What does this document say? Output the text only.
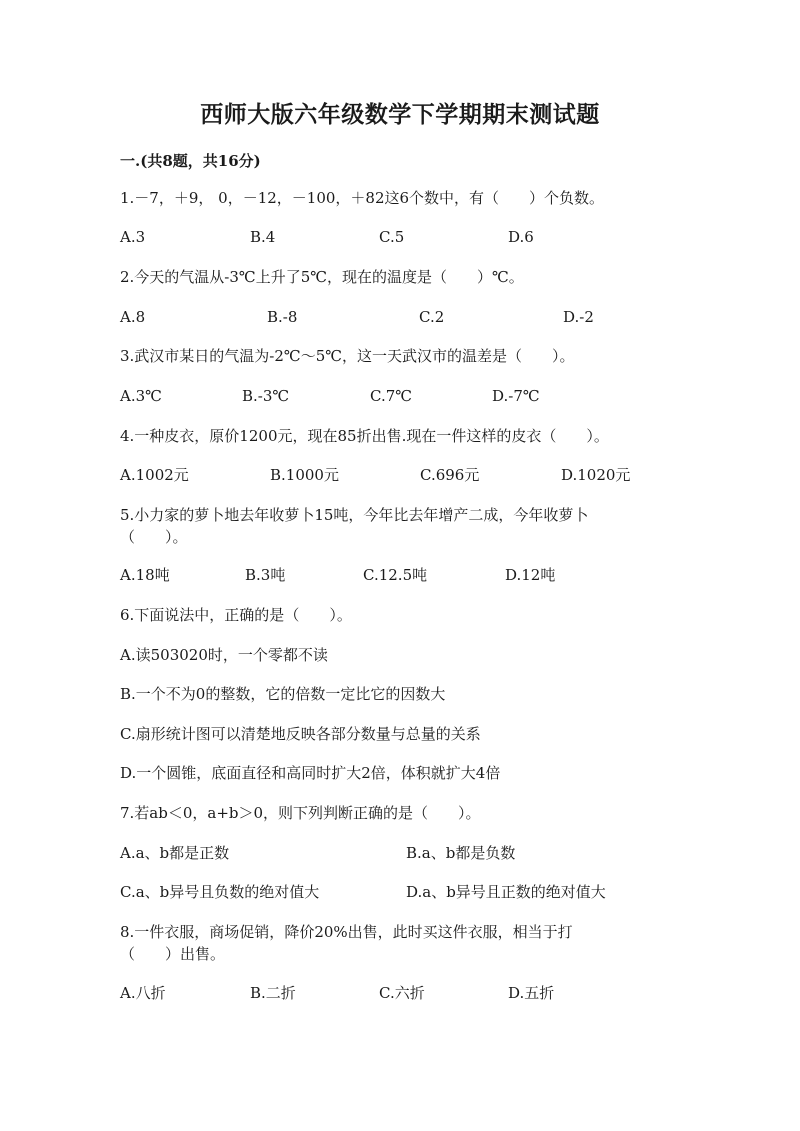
西师大版六年级数学下学期期末测试题
一.(共8题，共16分)
1.－7，＋9， 0，－12，－100，＋82这6个数中，有（　　）个负数。
A.3	B.4	C.5	D.6
2.今天的气温从-3℃上升了5℃，现在的温度是（　　）℃。
A.8	B.-8	C.2	D.-2
3.武汉市某日的气温为-2℃～5℃，这一天武汉市的温差是（　　）。
A.3℃	B.-3℃	C.7℃	D.-7℃
4.一种皮衣，原价1200元，现在85折出售.现在一件这样的皮衣（　　）。
A.1002元	B.1000元	C.696元	D.1020元
5.小力家的萝卜地去年收萝卜15吨，今年比去年增产二成，今年收萝卜（　　）。
A.18吨	B.3吨	C.12.5吨	D.12吨
6.下面说法中，正确的是（　　）。
A.读503020时，一个零都不读
B.一个不为0的整数，它的倍数一定比它的因数大
C.扇形统计图可以清楚地反映各部分数量与总量的关系
D.一个圆锥，底面直径和高同时扩大2倍，体积就扩大4倍
7.若ab＜0，a+b＞0，则下列判断正确的是（　　）。
A.a、b都是正数	B.a、b都是负数
C.a、b异号且负数的绝对值大	D.a、b异号且正数的绝对值大
8.一件衣服，商场促销，降价20%出售，此时买这件衣服，相当于打（　　）出售。
A.八折	B.二折	C.六折	D.五折
